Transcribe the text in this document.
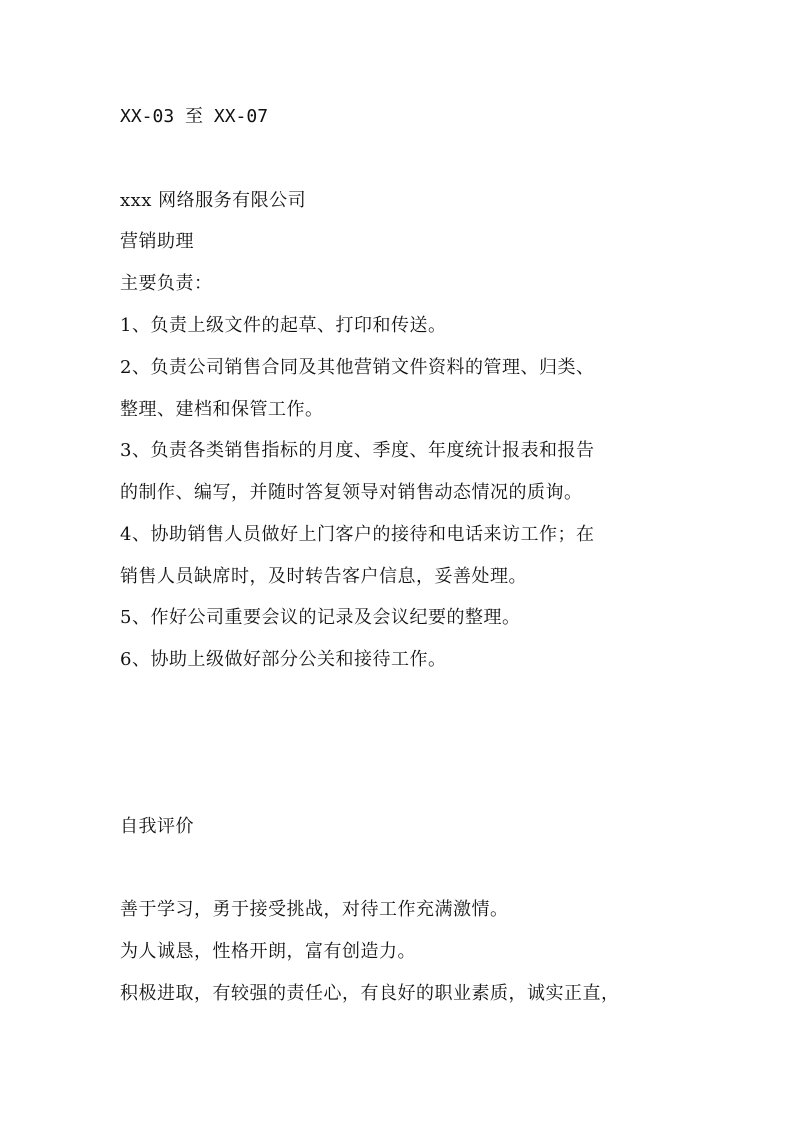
XX-03 至 XX-07
xxx 网络服务有限公司
营销助理
主要负责：
1、负责上级文件的起草、打印和传送。
2、负责公司销售合同及其他营销文件资料的管理、归类、
整理、建档和保管工作。
3、负责各类销售指标的月度、季度、年度统计报表和报告
的制作、编写，并随时答复领导对销售动态情况的质询。
4、协助销售人员做好上门客户的接待和电话来访工作；在
销售人员缺席时，及时转告客户信息，妥善处理。
5、作好公司重要会议的记录及会议纪要的整理。
6、协助上级做好部分公关和接待工作。
自我评价
善于学习，勇于接受挑战，对待工作充满激情。
为人诚恳，性格开朗，富有创造力。
积极进取，有较强的责任心，有良好的职业素质，诚实正直，
